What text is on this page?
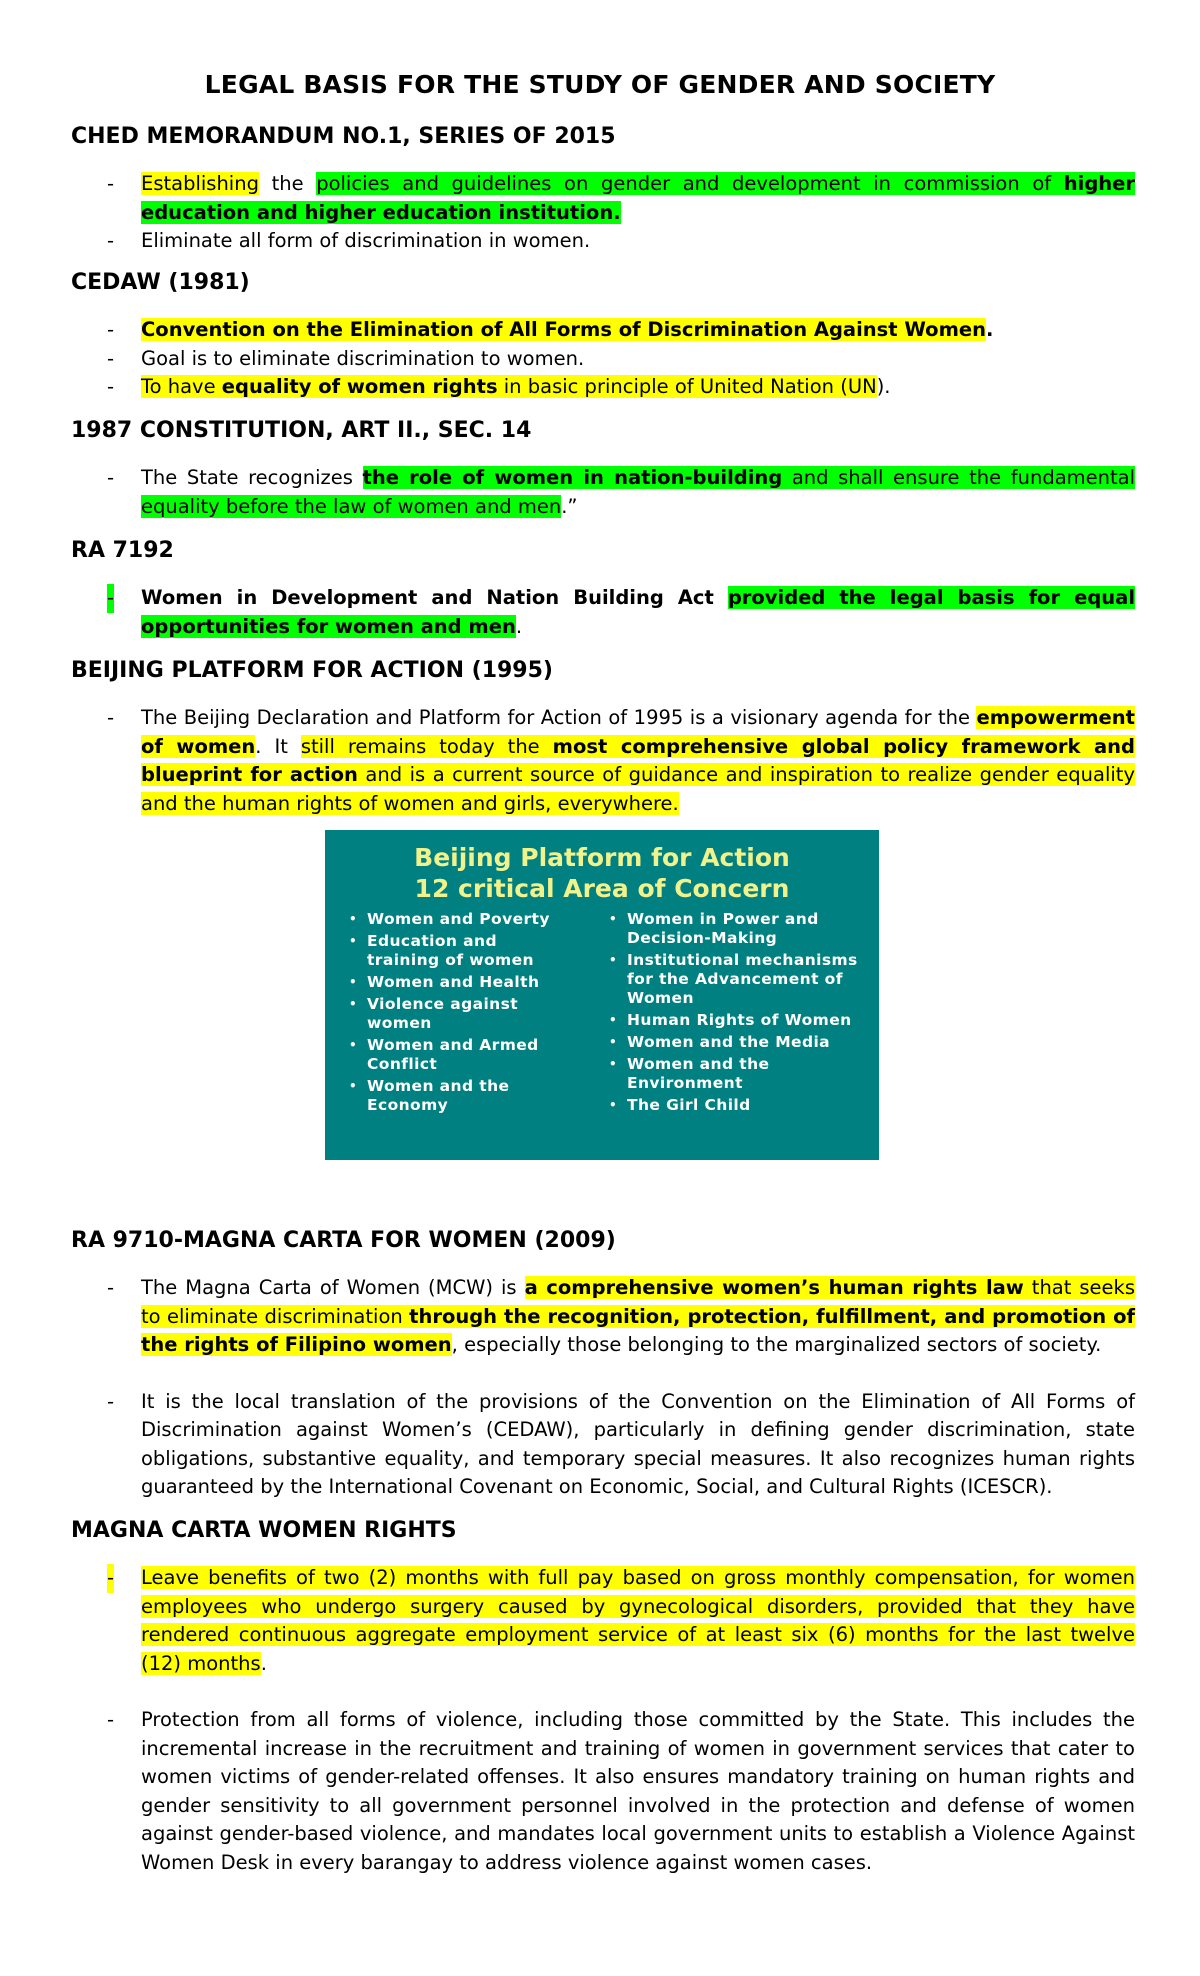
LEGAL BASIS FOR THE STUDY OF GENDER AND SOCIETY
CHED MEMORANDUM NO.1, SERIES OF 2015
- Establishing the policies and guidelines on gender and development in commission of higher education and higher education institution.
- Eliminate all form of discrimination in women.
CEDAW (1981)
- Convention on the Elimination of All Forms of Discrimination Against Women.
- Goal is to eliminate discrimination to women.
- To have equality of women rights in basic principle of United Nation (UN).
1987 CONSTITUTION, ART II., SEC. 14
- The State recognizes the role of women in nation-building and shall ensure the fundamental equality before the law of women and men.”
RA 7192
- Women in Development and Nation Building Act provided the legal basis for equal opportunities for women and men.
BEIJING PLATFORM FOR ACTION (1995)
- The Beijing Declaration and Platform for Action of 1995 is a visionary agenda for the empowerment of women. It still remains today the most comprehensive global policy framework and blueprint for action and is a current source of guidance and inspiration to realize gender equality and the human rights of women and girls, everywhere.
Beijing Platform for Action
12 critical Area of Concern
• Women and Poverty
• Education and training of women
• Women and Health
• Violence against women
• Women and Armed Conflict
• Women and the Economy
• Women in Power and Decision-Making
• Institutional mechanisms for the Advancement of Women
• Human Rights of Women
• Women and the Media
• Women and the Environment
• The Girl Child
RA 9710-MAGNA CARTA FOR WOMEN (2009)
- The Magna Carta of Women (MCW) is a comprehensive women’s human rights law that seeks to eliminate discrimination through the recognition, protection, fulfillment, and promotion of the rights of Filipino women, especially those belonging to the marginalized sectors of society.
- It is the local translation of the provisions of the Convention on the Elimination of All Forms of Discrimination against Women’s (CEDAW), particularly in defining gender discrimination, state obligations, substantive equality, and temporary special measures. It also recognizes human rights guaranteed by the International Covenant on Economic, Social, and Cultural Rights (ICESCR).
MAGNA CARTA WOMEN RIGHTS
- Leave benefits of two (2) months with full pay based on gross monthly compensation, for women employees who undergo surgery caused by gynecological disorders, provided that they have rendered continuous aggregate employment service of at least six (6) months for the last twelve (12) months.
- Protection from all forms of violence, including those committed by the State. This includes the incremental increase in the recruitment and training of women in government services that cater to women victims of gender-related offenses. It also ensures mandatory training on human rights and gender sensitivity to all government personnel involved in the protection and defense of women against gender-based violence, and mandates local government units to establish a Violence Against Women Desk in every barangay to address violence against women cases.
